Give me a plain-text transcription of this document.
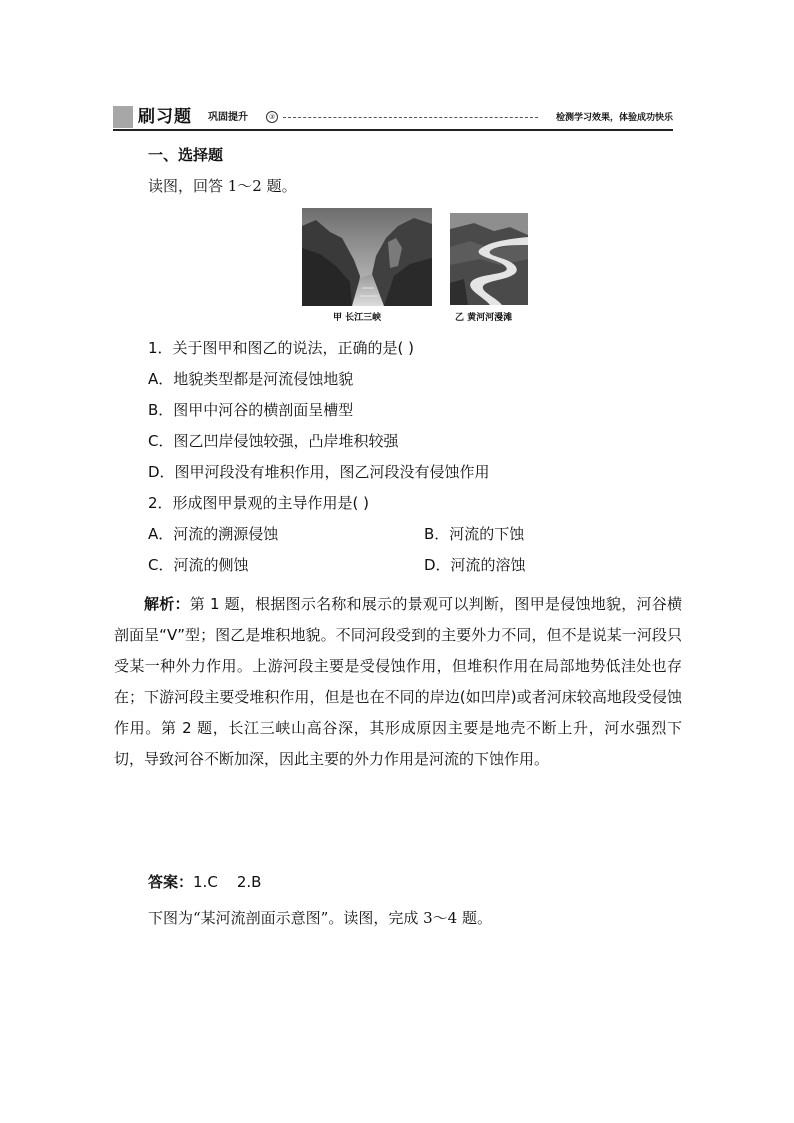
刷习题 巩固提升	③	检测学习效果，体验成功快乐
一、选择题
读图，回答 1～2 题。
甲 长江三峡	乙 黄河河漫滩
1．关于图甲和图乙的说法，正确的是( )
A．地貌类型都是河流侵蚀地貌
B．图甲中河谷的横剖面呈槽型
C．图乙凹岸侵蚀较强，凸岸堆积较强
D．图甲河段没有堆积作用，图乙河段没有侵蚀作用
2．形成图甲景观的主导作用是( )
A．河流的溯源侵蚀	B．河流的下蚀
C．河流的侧蚀	D．河流的溶蚀

解析：第 1 题，根据图示名称和展示的景观可以判断，图甲是侵蚀地貌，河谷横剖面呈“V”型；图乙是堆积地貌。不同河段受到的主要外力不同，但不是说某一河段只受某一种外力作用。上游河段主要是受侵蚀作用，但堆积作用在局部地势低洼处也存在；下游河段主要受堆积作用，但是也在不同的岸边(如凹岸)或者河床较高地段受侵蚀作用。第 2 题，长江三峡山高谷深，其形成原因主要是地壳不断上升，河水强烈下切，导致河谷不断加深，因此主要的外力作用是河流的下蚀作用。

答案：1.C    2.B
下图为“某河流剖面示意图”。读图，完成 3～4 题。
